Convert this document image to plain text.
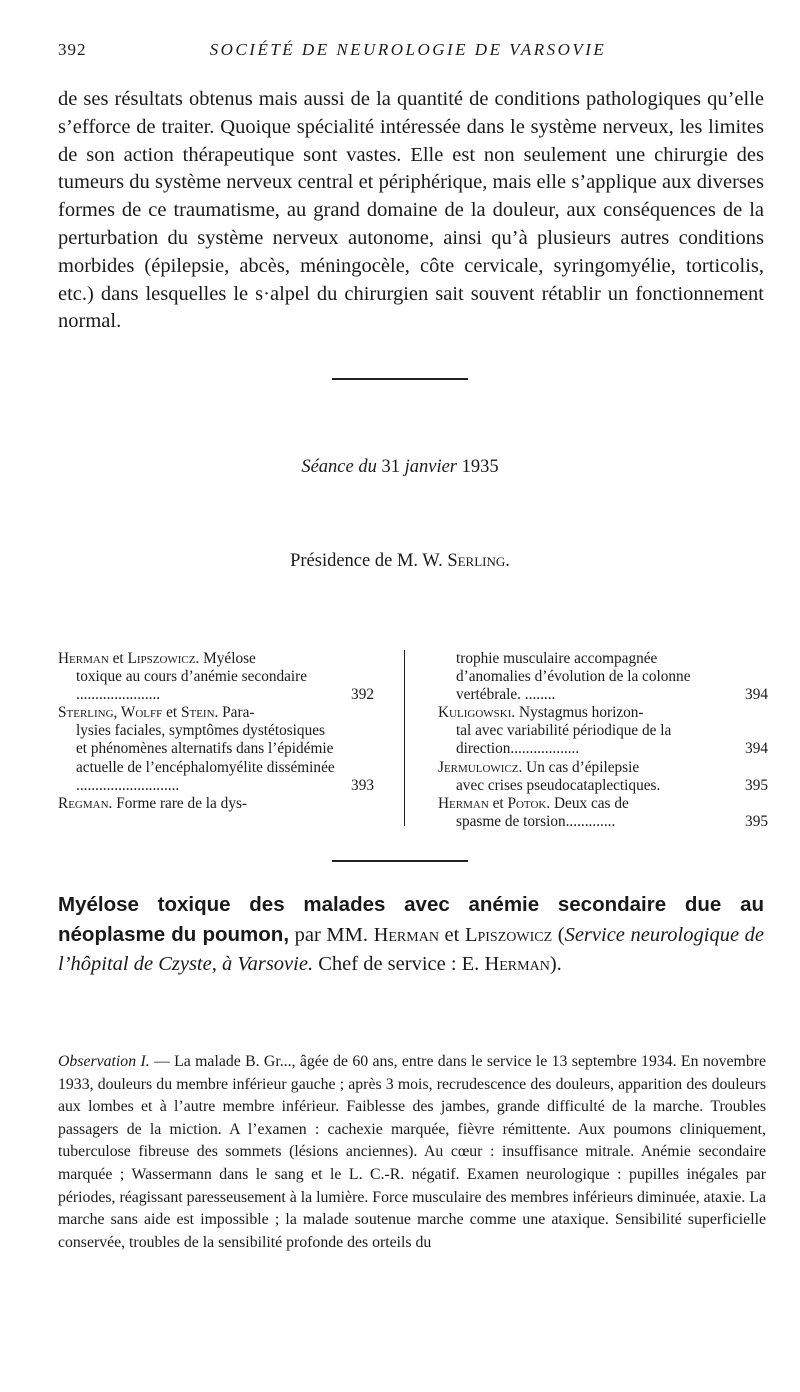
392	SOCIÉTÉ DE NEUROLOGIE DE VARSOVIE

de ses résultats obtenus mais aussi de la quantité de conditions pathologiques qu’elle s’efforce de traiter. Quoique spécialité intéressée dans le système nerveux, les limites de son action thérapeutique sont vastes. Elle est non seulement une chirurgie des tumeurs du système nerveux central et périphérique, mais elle s’applique aux diverses formes de ce traumatisme, au grand domaine de la douleur, aux conséquences de la perturbation du système nerveux autonome, ainsi qu’à plusieurs autres conditions morbides (épilepsie, abcès, méningocèle, côte cervicale, syringomyélie, torticolis, etc.) dans lesquelles le s·alpel du chirurgien sait souvent rétablir un fonctionnement normal.

Séance du 31 janvier 1935
Présidence de M. W. Serling.
Herman et Lipszowicz. Myélose
toxique au cours d’anémie secondaire ......................	392
Sterling, Wolff et Stein. Para-
lysies faciales, symptômes dystétosiques et phénomènes alternatifs dans l’épidémie actuelle de l’encéphalomyélite disséminée ...........................	393
Regman. Forme rare de la dys-
trophie musculaire accompagnée d’anomalies d’évolution de la colonne vertébrale. ........	394
Kuligowski. Nystagmus horizon-
tal avec variabilité périodique de la direction..................	394
Jermulowicz. Un cas d’épilepsie
avec crises pseudocataplectiques.	395
Herman et Potok. Deux cas de
spasme de torsion.............	395

Myélose toxique des malades avec anémie secondaire due au néoplasme du poumon, par MM. Herman et Lpiszowicz (Service neurologique de l’hôpital de Czyste, à Varsovie. Chef de service : E. Herman).

Observation I. — La malade B. Gr..., âgée de 60 ans, entre dans le service le 13 septembre 1934. En novembre 1933, douleurs du membre inférieur gauche ; après 3 mois, recrudescence des douleurs, apparition des douleurs aux lombes et à l’autre membre inférieur. Faiblesse des jambes, grande difficulté de la marche. Troubles passagers de la miction. A l’examen : cachexie marquée, fièvre rémittente. Aux poumons cliniquement, tuberculose fibreuse des sommets (lésions anciennes). Au cœur : insuffisance mitrale. Anémie secondaire marquée ; Wassermann dans le sang et le L. C.-R. négatif. Examen neurologique : pupilles inégales par périodes, réagissant paresseusement à la lumière. Force musculaire des membres inférieurs diminuée, ataxie. La marche sans aide est impossible ; la malade soutenue marche comme une ataxique. Sensibilité superficielle conservée, troubles de la sensibilité profonde des orteils du
